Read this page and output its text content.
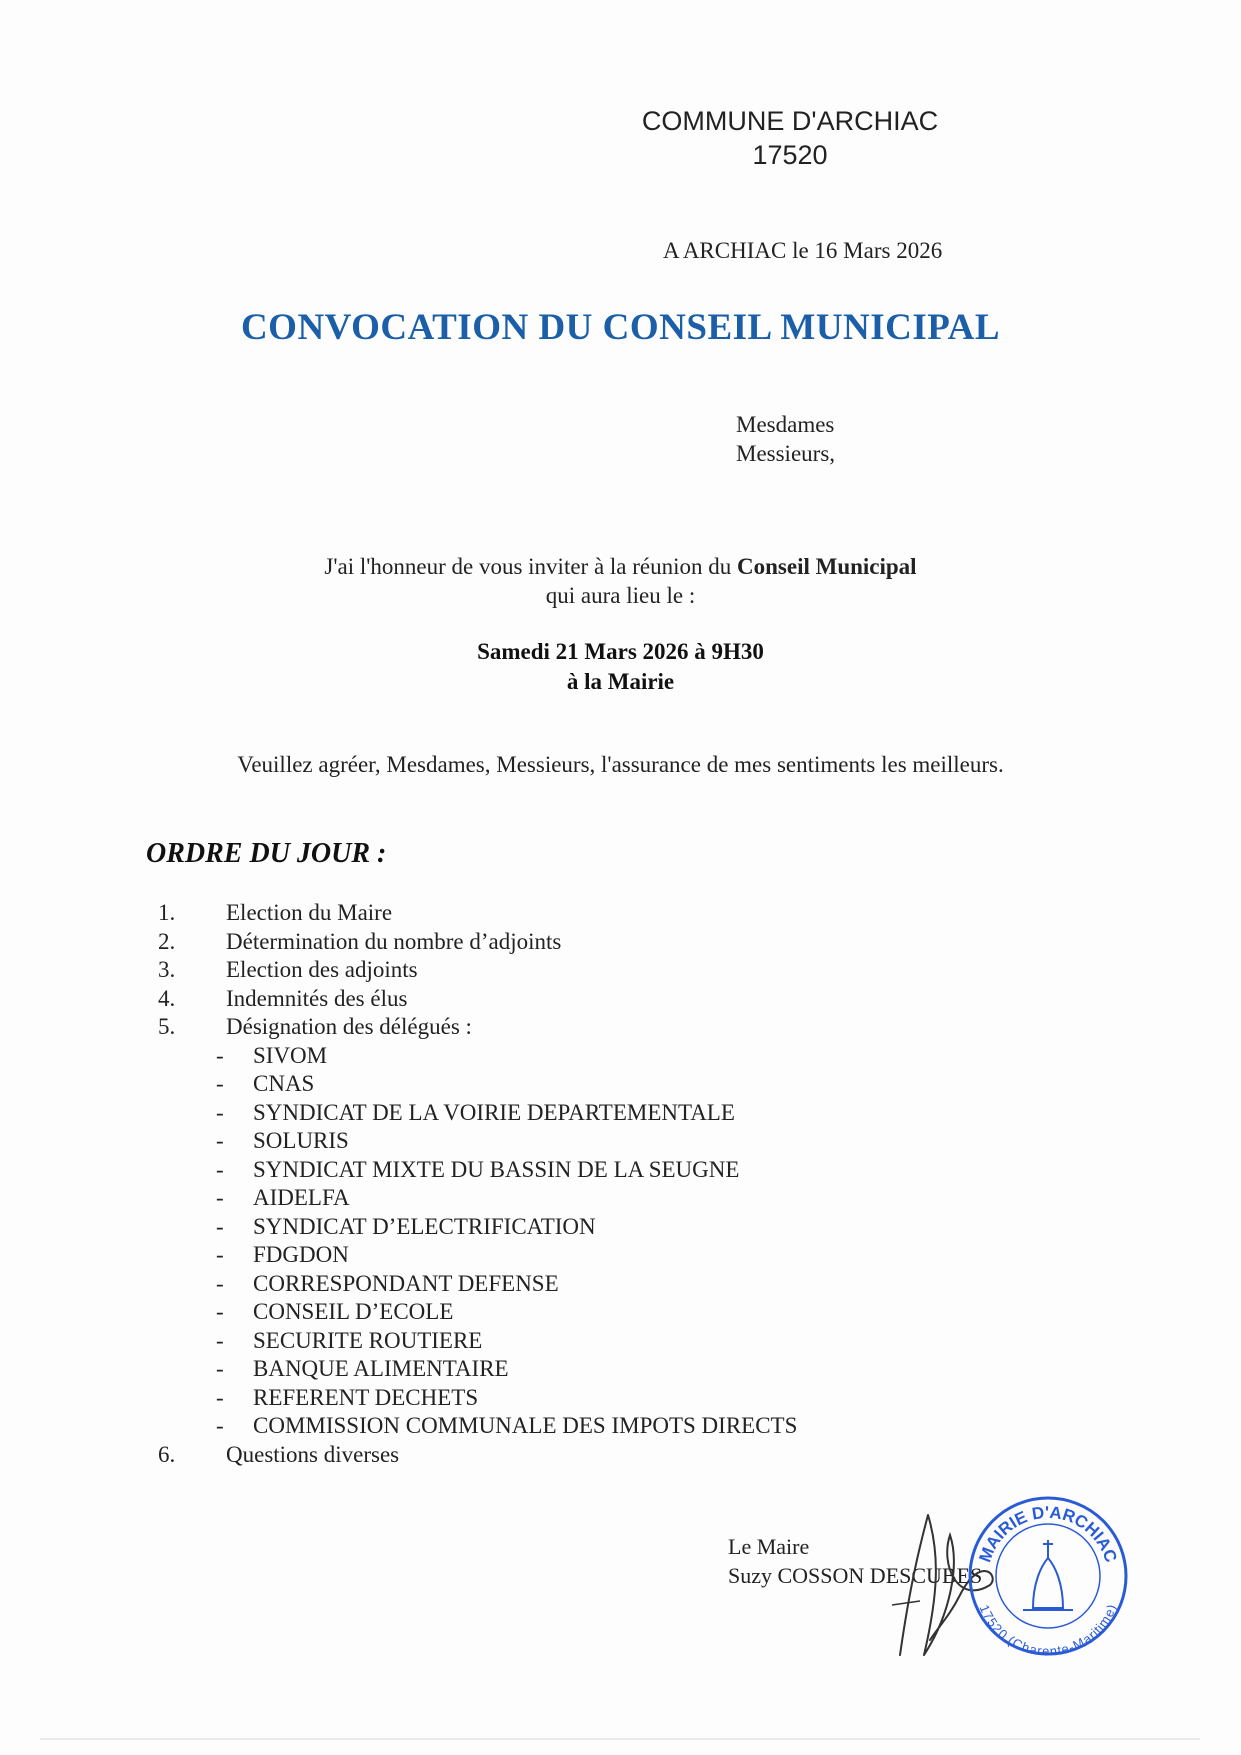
COMMUNE D'ARCHIAC
17520
A ARCHIAC le 16 Mars 2026
CONVOCATION DU CONSEIL MUNICIPAL
Mesdames
Messieurs,
J'ai l'honneur de vous inviter à la réunion du Conseil Municipal
qui aura lieu le :
Samedi 21 Mars 2026 à 9H30
à la Mairie
Veuillez agréer, Mesdames, Messieurs, l'assurance de mes sentiments les meilleurs.
ORDRE DU JOUR :
1. Election du Maire
2. Détermination du nombre d’adjoints
3. Election des adjoints
4. Indemnités des élus
5. Désignation des délégués :
- SIVOM
- CNAS
- SYNDICAT DE LA VOIRIE DEPARTEMENTALE
- SOLURIS
- SYNDICAT MIXTE DU BASSIN DE LA SEUGNE
- AIDELFA
- SYNDICAT D’ELECTRIFICATION
- FDGDON
- CORRESPONDANT DEFENSE
- CONSEIL D’ECOLE
- SECURITE ROUTIERE
- BANQUE ALIMENTAIRE
- REFERENT DECHETS
- COMMISSION COMMUNALE DES IMPOTS DIRECTS
6. Questions diverses
Le Maire
Suzy COSSON DESCUBES
MAIRIE D'ARCHIAC
17520 (Charente-Maritime)
